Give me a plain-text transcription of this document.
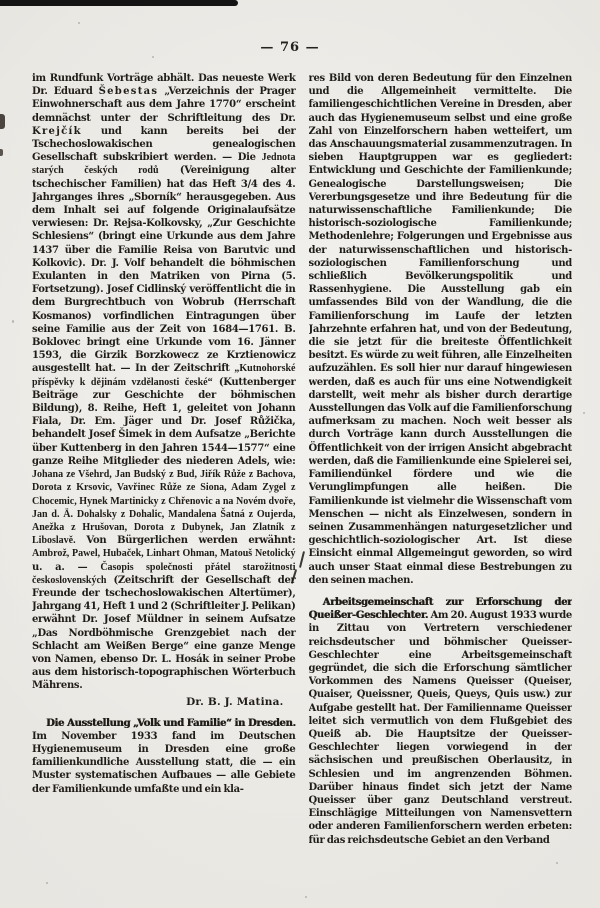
— 76 —

im Rundfunk Vorträge abhält. Das neueste Werk Dr. Eduard Šebestas „Verzeichnis der Prager Einwohnerschaft aus dem Jahre 1770“ erscheint demnächst unter der Schriftleitung des Dr. Krejčík und kann bereits bei der Tschechoslowakischen genealogischen Gesellschaft subskribiert werden. — Die Jednota starých českých rodů (Vereinigung alter tschechischer Familien) hat das Heft 3/4 des 4. Jahrganges ihres „Sborník“ herausgegeben. Aus dem Inhalt sei auf folgende Originalaufsätze verwiesen: Dr. Rejsa-Kolkovsky, „Zur Geschichte Schlesiens“ (bringt eine Urkunde aus dem Jahre 1437 über die Familie Reisa von Barutvic und Kolkovic). Dr. J. Volf behandelt die böhmischen Exulanten in den Matriken von Pirna (5. Fortsetzung). Josef Cidlinský veröffentlicht die in dem Burgrechtbuch von Wobrub (Herrschaft Kosmanos) vorfindlichen Eintragungen über seine Familie aus der Zeit von 1684—1761. B. Boklovec bringt eine Urkunde vom 16. Jänner 1593, die Girzik Borzkowecz ze Krztienowicz ausgestellt hat. — In der Zeitschrift „Kutnohorské příspěvky k dějinám vzdělanosti české“ (Kuttenberger Beiträge zur Geschichte der böhmischen Bildung), 8. Reihe, Heft 1, geleitet von Johann Fiala, Dr. Em. Jäger und Dr. Josef Růžička, behandelt Josef Šimek in dem Aufsatze „Berichte über Kuttenberg in den Jahren 1544—1577“ eine ganze Reihe Mitglieder des niederen Adels, wie: Johana ze Všehrd, Jan Budský z Bud, Jiřík Růže z Bachova, Dorota z Krsovic, Vavřinec Růže ze Siona, Adam Zygel z Chocemic, Hynek Martinicky z Chřenovic a na Novém dvoře, Jan d. Ä. Dohalsky z Dohalic, Mandalena Šatná z Oujerda, Anežka z Hrušovan, Dorota z Dubynek, Jan Zlatník z Liboslavě. Von Bürgerlichen werden erwähnt: Ambrož, Pawel, Hubaček, Linhart Ohman, Matouš Netolický u. a. — Časopis společnosti přátel starožitnosti československých (Zeitschrift der Gesellschaft der Freunde der tschechoslowakischen Altertümer), Jahrgang 41, Heft 1 und 2 (Schriftleiter J. Pelikan) erwähnt Dr. Josef Müldner in seinem Aufsatze „Das Nordböhmische Grenzgebiet nach der Schlacht am Weißen Berge“ eine ganze Menge von Namen, ebenso Dr. L. Hosák in seiner Probe aus dem historisch-topographischen Wörterbuch Mährens.

Dr. B. J. Matina.

Die Ausstellung „Volk und Familie“ in Dresden. Im November 1933 fand im Deutschen Hygienemuseum in Dresden eine große familienkundliche Ausstellung statt, die — ein Muster systematischen Aufbaues — alle Gebiete der Familienkunde umfaßte und ein kla-

res Bild von deren Bedeutung für den Einzelnen und die Allgemeinheit vermittelte. Die familiengeschichtlichen Vereine in Dresden, aber auch das Hygienemuseum selbst und eine große Zahl von Einzelforschern haben wetteifert, um das Anschauungsmaterial zusammenzutragen. In sieben Hauptgruppen war es gegliedert: Entwicklung und Geschichte der Familienkunde; Genealogische Darstellungsweisen; Die Vererbungsgesetze und ihre Bedeutung für die naturwissenschaftliche Familienkunde; Die historisch-soziologische Familienkunde; Methodenlehre; Folgerungen und Ergebnisse aus der naturwissenschaftlichen und historisch-soziologischen Familienforschung und schließlich Bevölkerungspolitik und Rassenhygiene. Die Ausstellung gab ein umfassendes Bild von der Wandlung, die die Familienforschung im Laufe der letzten Jahrzehnte erfahren hat, und von der Bedeutung, die sie jetzt für die breiteste Öffentlichkeit besitzt. Es würde zu weit führen, alle Einzelheiten aufzuzählen. Es soll hier nur darauf hingewiesen werden, daß es auch für uns eine Notwendigkeit darstellt, weit mehr als bisher durch derartige Ausstellungen das Volk auf die Familienforschung aufmerksam zu machen. Noch weit besser als durch Vorträge kann durch Ausstellungen die Öffentlichkeit von der irrigen Ansicht abgebracht werden, daß die Familienkunde eine Spielerei sei, Familiendünkel fördere und wie die Verunglimpfungen alle heißen. Die Familienkunde ist vielmehr die Wissenschaft vom Menschen — nicht als Einzelwesen, sondern in seinen Zusammenhängen naturgesetzlicher und geschichtlich-soziologischer Art. Ist diese Einsicht einmal Allgemeingut geworden, so wird auch unser Staat einmal diese Bestrebungen zu den seinen machen.

Arbeitsgemeinschaft zur Erforschung der Queißer-Geschlechter. Am 20. August 1933 wurde in Zittau von Vertretern verschiedener reichsdeutscher und böhmischer Queisser-Geschlechter eine Arbeitsgemeinschaft gegründet, die sich die Erforschung sämtlicher Vorkommen des Namens Queisser (Queiser, Quaiser, Queissner, Queis, Queys, Quis usw.) zur Aufgabe gestellt hat. Der Familienname Queisser leitet sich vermutlich von dem Flußgebiet des Queiß ab. Die Hauptsitze der Queisser-Geschlechter liegen vorwiegend in der sächsischen und preußischen Oberlausitz, in Schlesien und im angrenzenden Böhmen. Darüber hinaus findet sich jetzt der Name Queisser über ganz Deutschland verstreut. Einschlägige Mitteilungen von Namensvettern oder anderen Familienforschern werden erbeten: für das reichsdeutsche Gebiet an den Verband
